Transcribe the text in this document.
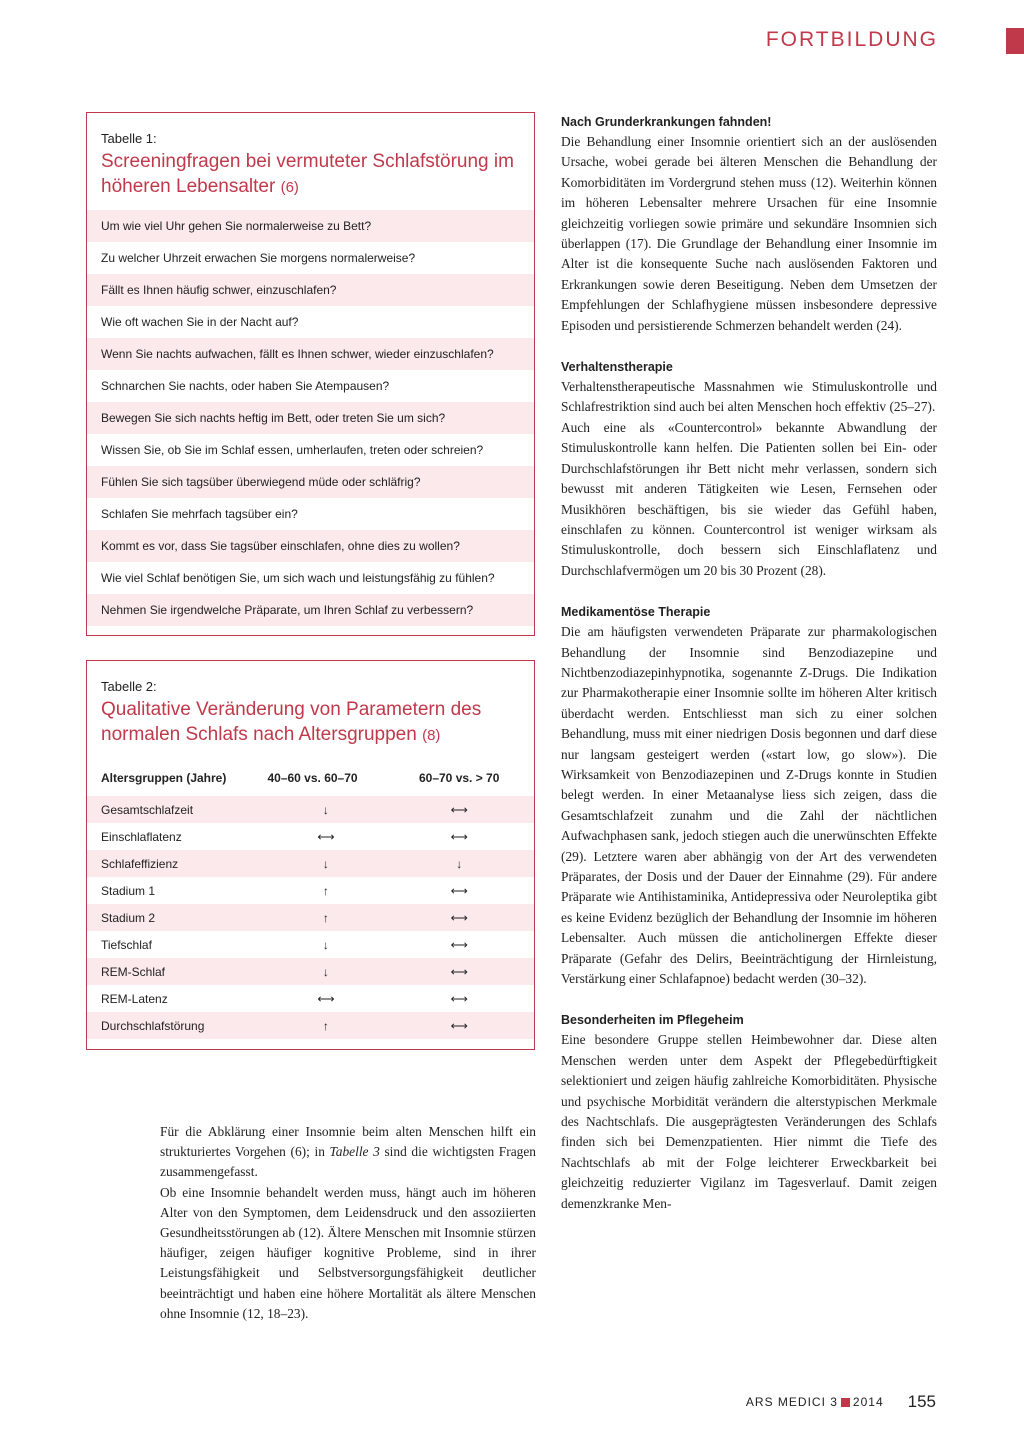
FORTBILDUNG
Tabelle 1:
Screeningfragen bei vermuteter Schlafstörung im höheren Lebensalter (6)
Um wie viel Uhr gehen Sie normalerweise zu Bett?
Zu welcher Uhrzeit erwachen Sie morgens normalerweise?
Fällt es Ihnen häufig schwer, einzuschlafen?
Wie oft wachen Sie in der Nacht auf?
Wenn Sie nachts aufwachen, fällt es Ihnen schwer, wieder einzuschlafen?
Schnarchen Sie nachts, oder haben Sie Atempausen?
Bewegen Sie sich nachts heftig im Bett, oder treten Sie um sich?
Wissen Sie, ob Sie im Schlaf essen, umherlaufen, treten oder schreien?
Fühlen Sie sich tagsüber überwiegend müde oder schläfrig?
Schlafen Sie mehrfach tagsüber ein?
Kommt es vor, dass Sie tagsüber einschlafen, ohne dies zu wollen?
Wie viel Schlaf benötigen Sie, um sich wach und leistungsfähig zu fühlen?
Nehmen Sie irgendwelche Präparate, um Ihren Schlaf zu verbessern?
Tabelle 2:
Qualitative Veränderung von Parametern des normalen Schlafs nach Altersgruppen (8)
Altersgruppen (Jahre)	40–60 vs. 60–70	60–70 vs. > 70
Gesamtschlafzeit	↓	⟷
Einschlaflatenz	⟷	⟷
Schlafeffizienz	↓	↓
Stadium 1	↑	⟷
Stadium 2	↑	⟷
Tiefschlaf	↓	⟷
REM-Schlaf	↓	⟷
REM-Latenz	⟷	⟷
Durchschlafstörung	↑	⟷

Für die Abklärung einer Insomnie beim alten Menschen hilft ein strukturiertes Vorgehen (6); in Tabelle 3 sind die wichtigsten Fragen zusammengefasst.

Ob eine Insomnie behandelt werden muss, hängt auch im höheren Alter von den Symptomen, dem Leidensdruck und den assoziierten Gesundheitsstörungen ab (12). Ältere Menschen mit Insomnie stürzen häufiger, zeigen häufiger kognitive Probleme, sind in ihrer Leistungsfähigkeit und Selbstversorgungsfähigkeit deutlicher beeinträchtigt und haben eine höhere Mortalität als ältere Menschen ohne Insomnie (12, 18–23).

Nach Grunderkrankungen fahnden!

Die Behandlung einer Insomnie orientiert sich an der auslösenden Ursache, wobei gerade bei älteren Menschen die Behandlung der Komorbiditäten im Vordergrund stehen muss (12). Weiterhin können im höheren Lebensalter mehrere Ursachen für eine Insomnie gleichzeitig vorliegen sowie primäre und sekundäre Insomnien sich überlappen (17). Die Grundlage der Behandlung einer Insomnie im Alter ist die konsequente Suche nach auslösenden Faktoren und Erkrankungen sowie deren Beseitigung. Neben dem Umsetzen der Empfehlungen der Schlafhygiene müssen insbesondere depressive Episoden und persistierende Schmerzen behandelt werden (24).

Verhaltenstherapie

Verhaltenstherapeutische Massnahmen wie Stimuluskontrolle und Schlafrestriktion sind auch bei alten Menschen hoch effektiv (25–27).

Auch eine als «Countercontrol» bekannte Abwandlung der Stimuluskontrolle kann helfen. Die Patienten sollen bei Ein- oder Durchschlafstörungen ihr Bett nicht mehr verlassen, sondern sich bewusst mit anderen Tätigkeiten wie Lesen, Fernsehen oder Musikhören beschäftigen, bis sie wieder das Gefühl haben, einschlafen zu können. Countercontrol ist weniger wirksam als Stimuluskontrolle, doch bessern sich Einschlaflatenz und Durchschlafvermögen um 20 bis 30 Prozent (28).

Medikamentöse Therapie

Die am häufigsten verwendeten Präparate zur pharmakologischen Behandlung der Insomnie sind Benzodiazepine und Nichtbenzodiazepinhypnotika, sogenannte Z-Drugs. Die Indikation zur Pharmakotherapie einer Insomnie sollte im höheren Alter kritisch überdacht werden. Entschliesst man sich zu einer solchen Behandlung, muss mit einer niedrigen Dosis begonnen und darf diese nur langsam gesteigert werden («start low, go slow»). Die Wirksamkeit von Benzodiazepinen und Z-Drugs konnte in Studien belegt werden. In einer Metaanalyse liess sich zeigen, dass die Gesamtschlafzeit zunahm und die Zahl der nächtlichen Aufwachphasen sank, jedoch stiegen auch die unerwünschten Effekte (29). Letztere waren aber abhängig von der Art des verwendeten Präparates, der Dosis und der Dauer der Einnahme (29). Für andere Präparate wie Antihistaminika, Antidepressiva oder Neuroleptika gibt es keine Evidenz bezüglich der Behandlung der Insomnie im höheren Lebensalter. Auch müssen die anticholinergen Effekte dieser Präparate (Gefahr des Delirs, Beeinträchtigung der Hirnleistung, Verstärkung einer Schlafapnoe) bedacht werden (30–32).

Besonderheiten im Pflegeheim

Eine besondere Gruppe stellen Heimbewohner dar. Diese alten Menschen werden unter dem Aspekt der Pflegebedürftigkeit selektioniert und zeigen häufig zahlreiche Komorbiditäten. Physische und psychische Morbidität verändern die alterstypischen Merkmale des Nachtschlafs. Die ausgeprägtesten Veränderungen des Schlafs finden sich bei Demenzpatienten. Hier nimmt die Tiefe des Nachtschlafs ab mit der Folge leichterer Erweckbarkeit bei gleichzeitig reduzierter Vigilanz im Tagesverlauf. Damit zeigen demenzkranke Men-

ARS MEDICI 3 2014 155
